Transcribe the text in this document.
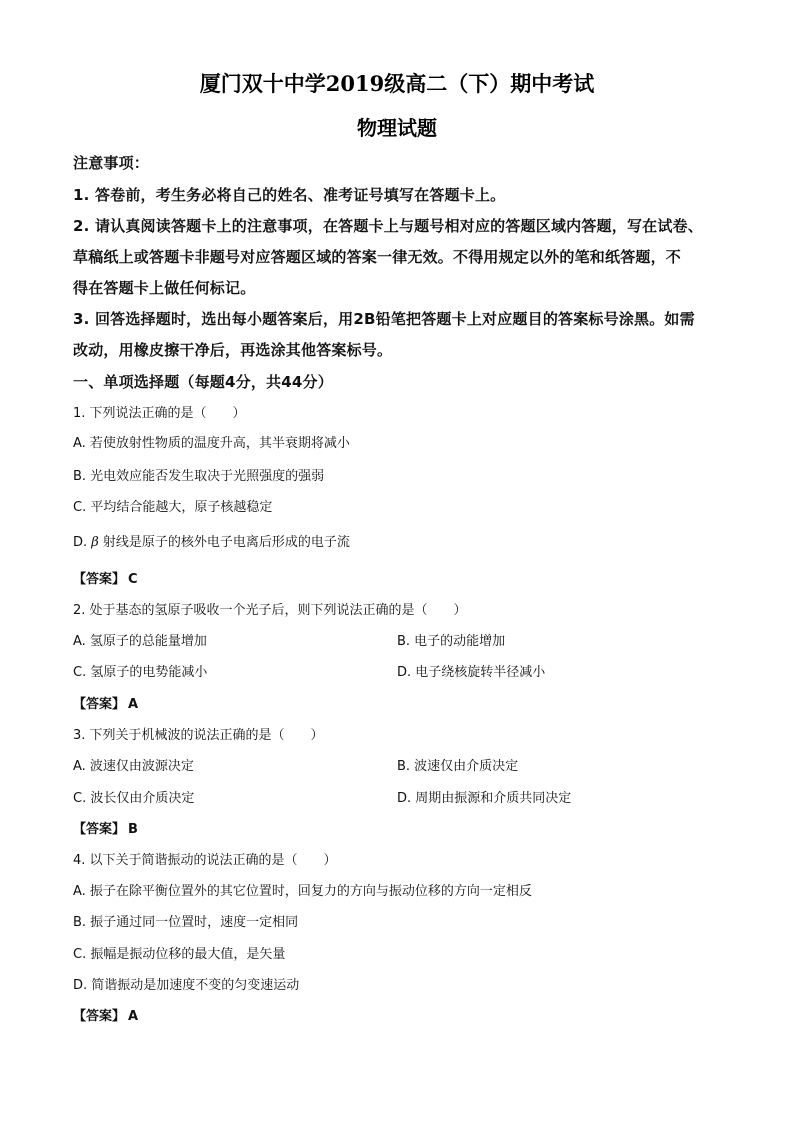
厦门双十中学2019级高二（下）期中考试
物理试题
注意事项：
1. 答卷前，考生务必将自己的姓名、准考证号填写在答题卡上。
2. 请认真阅读答题卡上的注意事项，在答题卡上与题号相对应的答题区域内答题，写在试卷、
草稿纸上或答题卡非题号对应答题区域的答案一律无效。不得用规定以外的笔和纸答题，不
得在答题卡上做任何标记。
3. 回答选择题时，选出每小题答案后，用2B铅笔把答题卡上对应题目的答案标号涂黑。如需
改动，用橡皮擦干净后，再选涂其他答案标号。
一、单项选择题（每题4分，共44分）
1. 下列说法正确的是（　　）
A. 若使放射性物质的温度升高，其半衰期将减小
B. 光电效应能否发生取决于光照强度的强弱
C. 平均结合能越大，原子核越稳定
D. β 射线是原子的核外电子电离后形成的电子流
【答案】 C
2. 处于基态的氢原子吸收一个光子后，则下列说法正确的是（　　）
A. 氢原子的总能量增加	B. 电子的动能增加
C. 氢原子的电势能减小	D. 电子绕核旋转半径减小
【答案】 A
3. 下列关于机械波的说法正确的是（　　）
A. 波速仅由波源决定	B. 波速仅由介质决定
C. 波长仅由介质决定	D. 周期由振源和介质共同决定
【答案】 B
4. 以下关于简谐振动的说法正确的是（　　）
A. 振子在除平衡位置外的其它位置时，回复力的方向与振动位移的方向一定相反
B. 振子通过同一位置时，速度一定相同
C. 振幅是振动位移的最大值，是矢量
D. 简谐振动是加速度不变的匀变速运动
【答案】 A
